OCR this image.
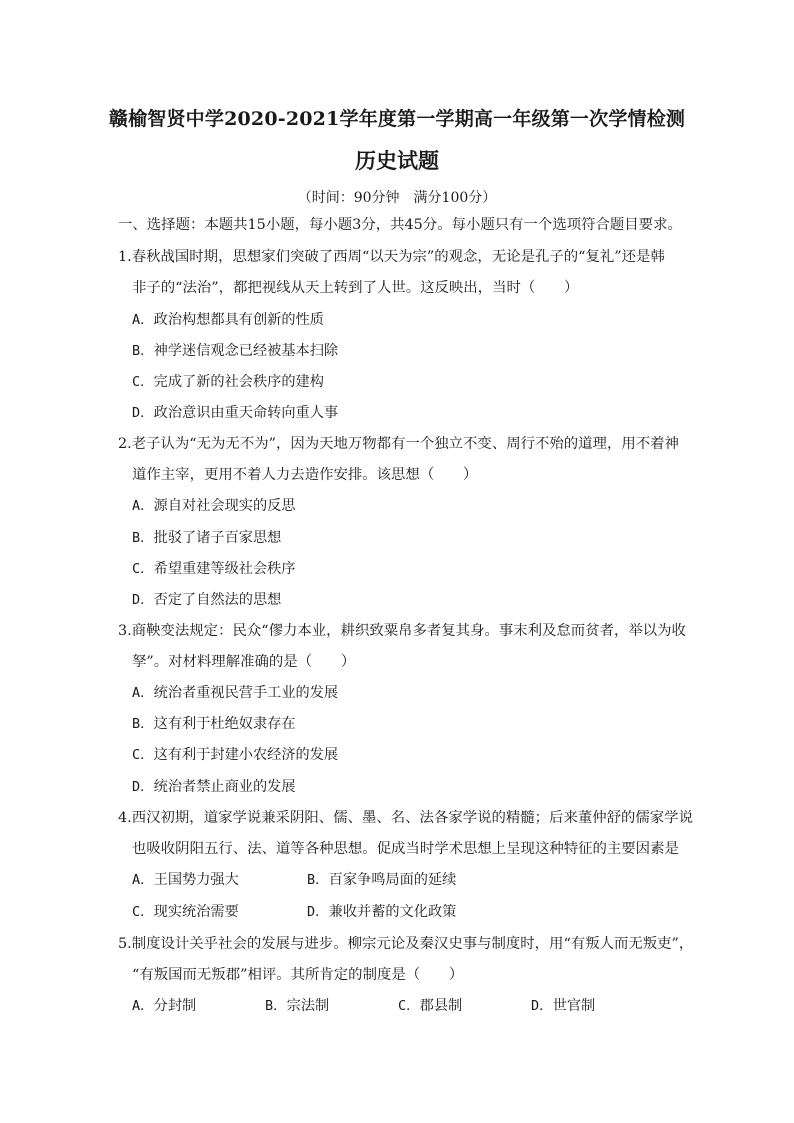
赣榆智贤中学2020-2021学年度第一学期高一年级第一次学情检测
历史试题
（时间：90分钟　满分100分）
一、选择题：本题共15小题，每小题3分，共45分。每小题只有一个选项符合题目要求。
1.春秋战国时期，思想家们突破了西周“以天为宗”的观念，无论是孔子的“复礼”还是韩
非子的“法治”，都把视线从天上转到了人世。这反映出，当时（　　）
A．政治构想都具有创新的性质
B．神学迷信观念已经被基本扫除
C．完成了新的社会秩序的建构
D．政治意识由重天命转向重人事
2.老子认为“无为无不为”，因为天地万物都有一个独立不变、周行不殆的道理，用不着神
道作主宰，更用不着人力去造作安排。该思想（　　）
A．源自对社会现实的反思
B．批驳了诸子百家思想
C．希望重建等级社会秩序
D．否定了自然法的思想
3.商鞅变法规定：民众“僇力本业，耕织致粟帛多者复其身。事末利及怠而贫者，举以为收
孥”。对材料理解准确的是（　　）
A．统治者重视民营手工业的发展
B．这有利于杜绝奴隶存在
C．这有利于封建小农经济的发展
D．统治者禁止商业的发展
4.西汉初期，道家学说兼采阴阳、儒、墨、名、法各家学说的精髓；后来董仲舒的儒家学说
也吸收阴阳五行、法、道等各种思想。促成当时学术思想上呈现这种特征的主要因素是
A．王国势力强大	B．百家争鸣局面的延续
C．现实统治需要	D．兼收并蓄的文化政策
5.制度设计关乎社会的发展与进步。柳宗元论及秦汉史事与制度时，用“有叛人而无叛吏”，
“有叛国而无叛郡”相评。其所肯定的制度是（　　）
A．分封制	B．宗法制	C．郡县制	D．世官制
